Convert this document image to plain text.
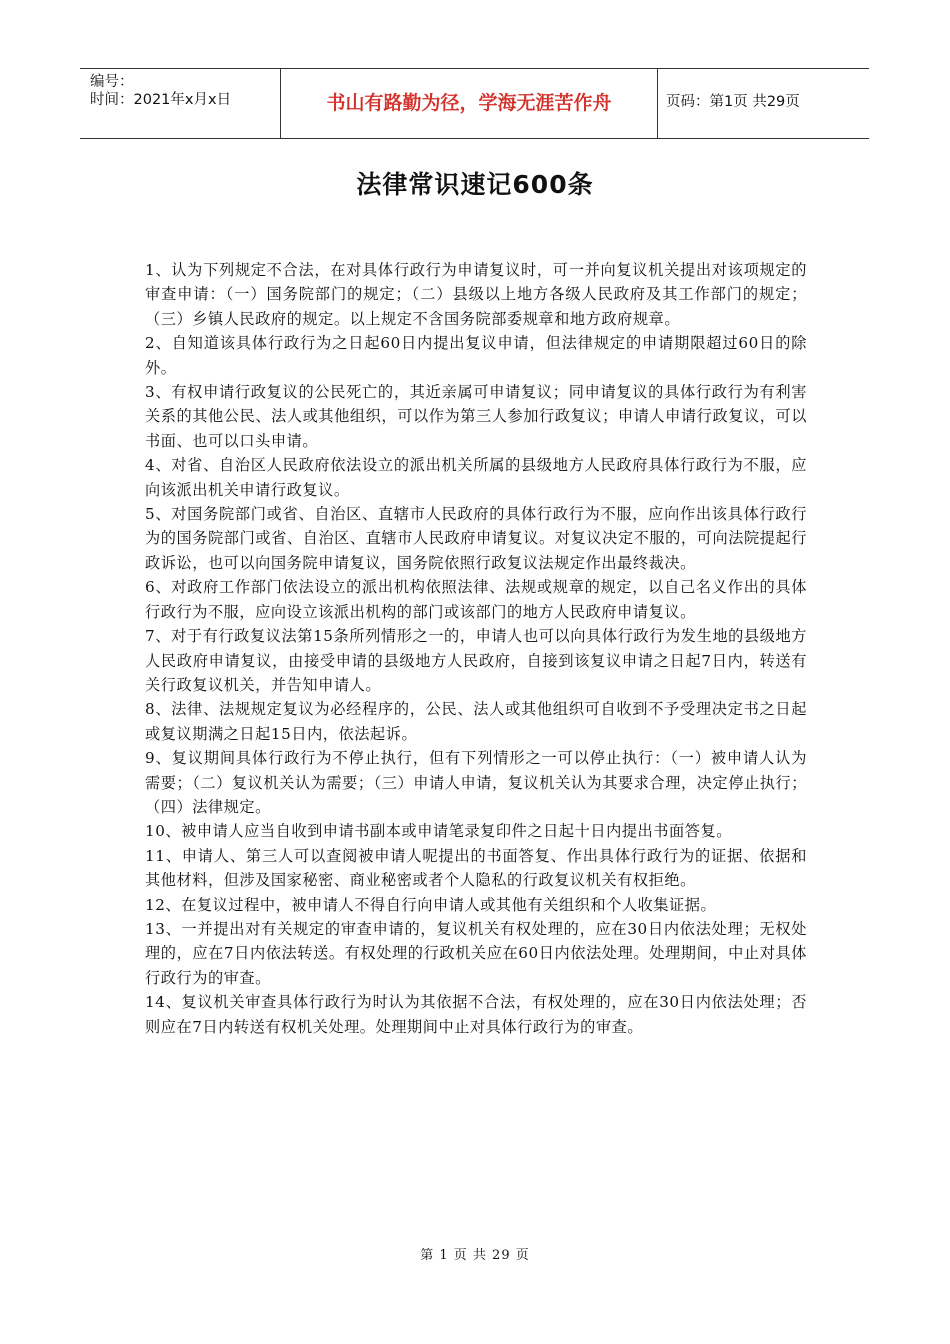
编号：
时间：2021年x月x日	书山有路勤为径，学海无涯苦作舟	页码：第1页 共29页
法律常识速记600条

1、认为下列规定不合法，在对具体行政行为申请复议时，可一并向复议机关提出对该项规定的审查申请：（一）国务院部门的规定；（二）县级以上地方各级人民政府及其工作部门的规定；（三）乡镇人民政府的规定。以上规定不含国务院部委规章和地方政府规章。

2、自知道该具体行政行为之日起60日内提出复议申请，但法律规定的申请期限超过60日的除外。

3、有权申请行政复议的公民死亡的，其近亲属可申请复议；同申请复议的具体行政行为有利害关系的其他公民、法人或其他组织，可以作为第三人参加行政复议；申请人申请行政复议，可以书面、也可以口头申请。

4、对省、自治区人民政府依法设立的派出机关所属的县级地方人民政府具体行政行为不服，应向该派出机关申请行政复议。

5、对国务院部门或省、自治区、直辖市人民政府的具体行政行为不服，应向作出该具体行政行为的国务院部门或省、自治区、直辖市人民政府申请复议。对复议决定不服的，可向法院提起行政诉讼，也可以向国务院申请复议，国务院依照行政复议法规定作出最终裁决。

6、对政府工作部门依法设立的派出机构依照法律、法规或规章的规定，以自己名义作出的具体行政行为不服，应向设立该派出机构的部门或该部门的地方人民政府申请复议。

7、对于有行政复议法第15条所列情形之一的，申请人也可以向具体行政行为发生地的县级地方人民政府申请复议，由接受申请的县级地方人民政府，自接到该复议申请之日起7日内，转送有关行政复议机关，并告知申请人。

8、法律、法规规定复议为必经程序的，公民、法人或其他组织可自收到不予受理决定书之日起或复议期满之日起15日内，依法起诉。

9、复议期间具体行政行为不停止执行，但有下列情形之一可以停止执行：（一）被申请人认为需要；（二）复议机关认为需要；（三）申请人申请，复议机关认为其要求合理，决定停止执行；（四）法律规定。

10、被申请人应当自收到申请书副本或申请笔录复印件之日起十日内提出书面答复。

11、申请人、第三人可以查阅被申请人呢提出的书面答复、作出具体行政行为的证据、依据和其他材料，但涉及国家秘密、商业秘密或者个人隐私的行政复议机关有权拒绝。

12、在复议过程中，被申请人不得自行向申请人或其他有关组织和个人收集证据。

13、一并提出对有关规定的审查申请的，复议机关有权处理的，应在30日内依法处理；无权处理的，应在7日内依法转送。有权处理的行政机关应在60日内依法处理。处理期间，中止对具体行政行为的审查。

14、复议机关审查具体行政行为时认为其依据不合法，有权处理的，应在30日内依法处理；否则应在7日内转送有权机关处理。处理期间中止对具体行政行为的审查。

第 1 页 共 29 页
